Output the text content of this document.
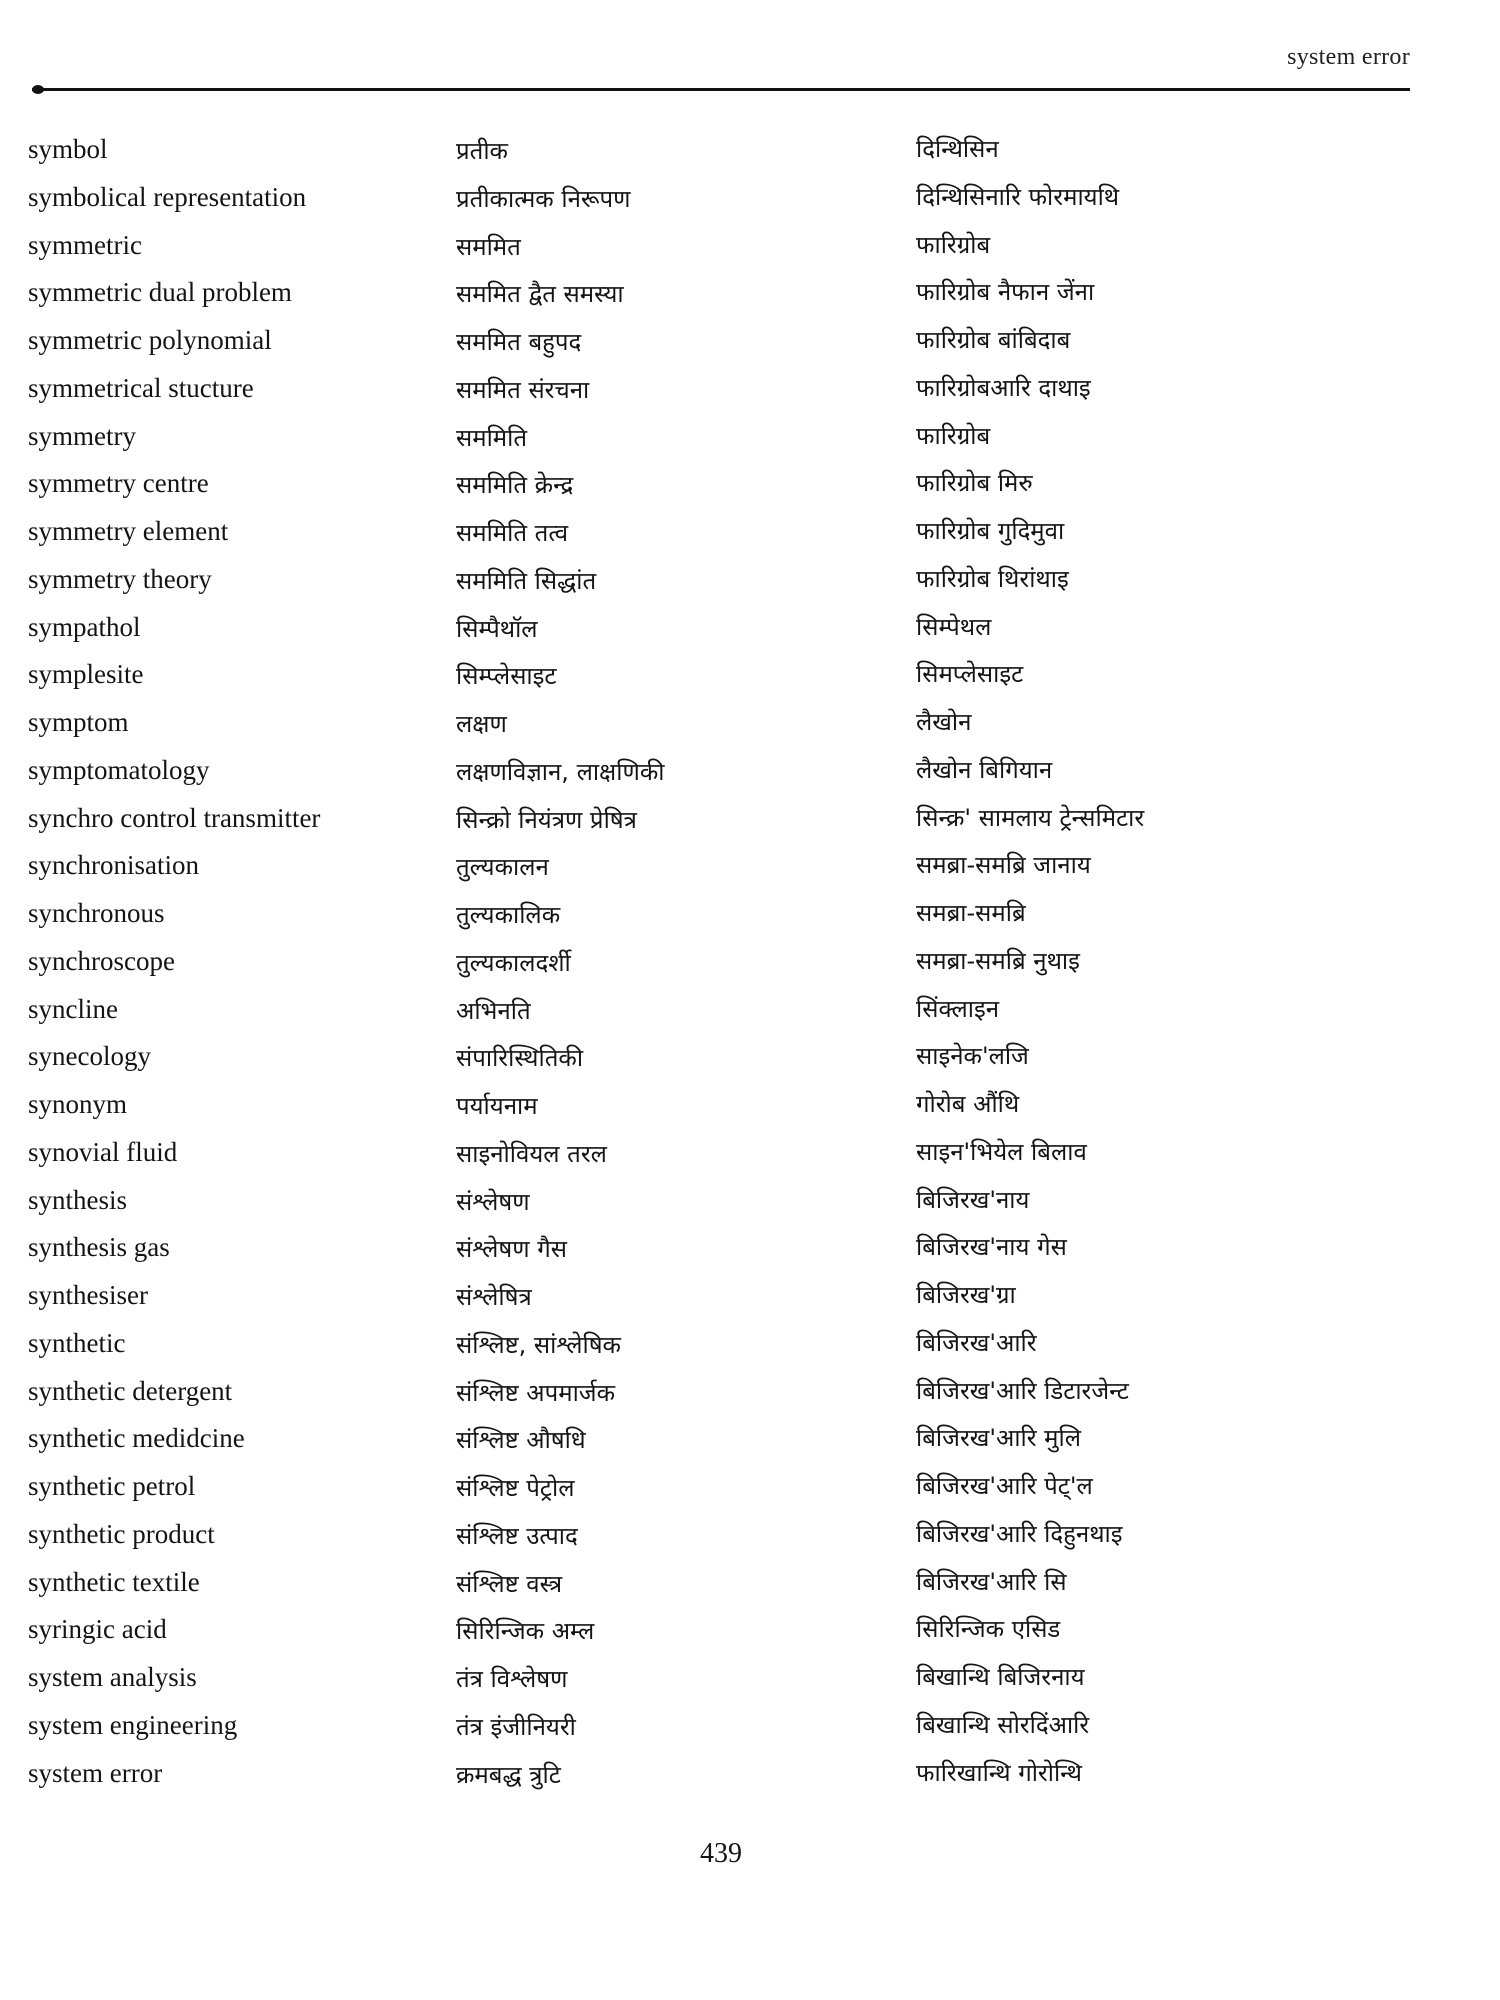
system error
symbol	प्रतीक	दिन्थिसिन
symbolical representation	प्रतीकात्मक निरूपण	दिन्थिसिनारि फोरमायथि
symmetric	सममित	फारिग्रोब
symmetric dual problem	सममित द्वैत समस्या	फारिग्रोब नैफान जेंना
symmetric polynomial	सममित बहुपद	फारिग्रोब बांबिदाब
symmetrical stucture	सममित संरचना	फारिग्रोबआरि दाथाइ
symmetry	सममिति	फारिग्रोब
symmetry centre	सममिति क्रेन्द्र	फारिग्रोब मिरु
symmetry element	सममिति तत्व	फारिग्रोब गुदिमुवा
symmetry theory	सममिति सिद्धांत	फारिग्रोब थिरांथाइ
sympathol	सिम्पैथॉल	सिम्पेथल
symplesite	सिम्प्लेसाइट	सिमप्लेसाइट
symptom	लक्षण	लैखोन
symptomatology	लक्षणविज्ञान, लाक्षणिकी	लैखोन बिगियान
synchro control transmitter	सिन्क्रो नियंत्रण प्रेषित्र	सिन्क्र' सामलाय ट्रेन्समिटार
synchronisation	तुल्यकालन	समब्रा-समब्रि जानाय
synchronous	तुल्यकालिक	समब्रा-समब्रि
synchroscope	तुल्यकालदर्शी	समब्रा-समब्रि नुथाइ
syncline	अभिनति	सिंक्लाइन
synecology	संपारिस्थितिकी	साइनेक'लजि
synonym	पर्यायनाम	गोरोब औंथि
synovial fluid	साइनोवियल तरल	साइन'भियेल बिलाव
synthesis	संश्लेषण	बिजिरख'नाय
synthesis gas	संश्लेषण गैस	बिजिरख'नाय गेस
synthesiser	संश्लेषित्र	बिजिरख'ग्रा
synthetic	संश्लिष्ट, सांश्लेषिक	बिजिरख'आरि
synthetic detergent	संश्लिष्ट अपमार्जक	बिजिरख'आरि डिटारजेन्ट
synthetic medidcine	संश्लिष्ट औषधि	बिजिरख'आरि मुलि
synthetic petrol	संश्लिष्ट पेट्रोल	बिजिरख'आरि पेट्'ल
synthetic product	संश्लिष्ट उत्पाद	बिजिरख'आरि दिहुनथाइ
synthetic textile	संश्लिष्ट वस्त्र	बिजिरख'आरि सि
syringic acid	सिरिन्जिक अम्ल	सिरिन्जिक एसिड
system analysis	तंत्र विश्लेषण	बिखान्थि बिजिरनाय
system engineering	तंत्र इंजीनियरी	बिखान्थि सोरदिंआरि
system error	क्रमबद्ध त्रुटि	फारिखान्थि गोरोन्थि
439
